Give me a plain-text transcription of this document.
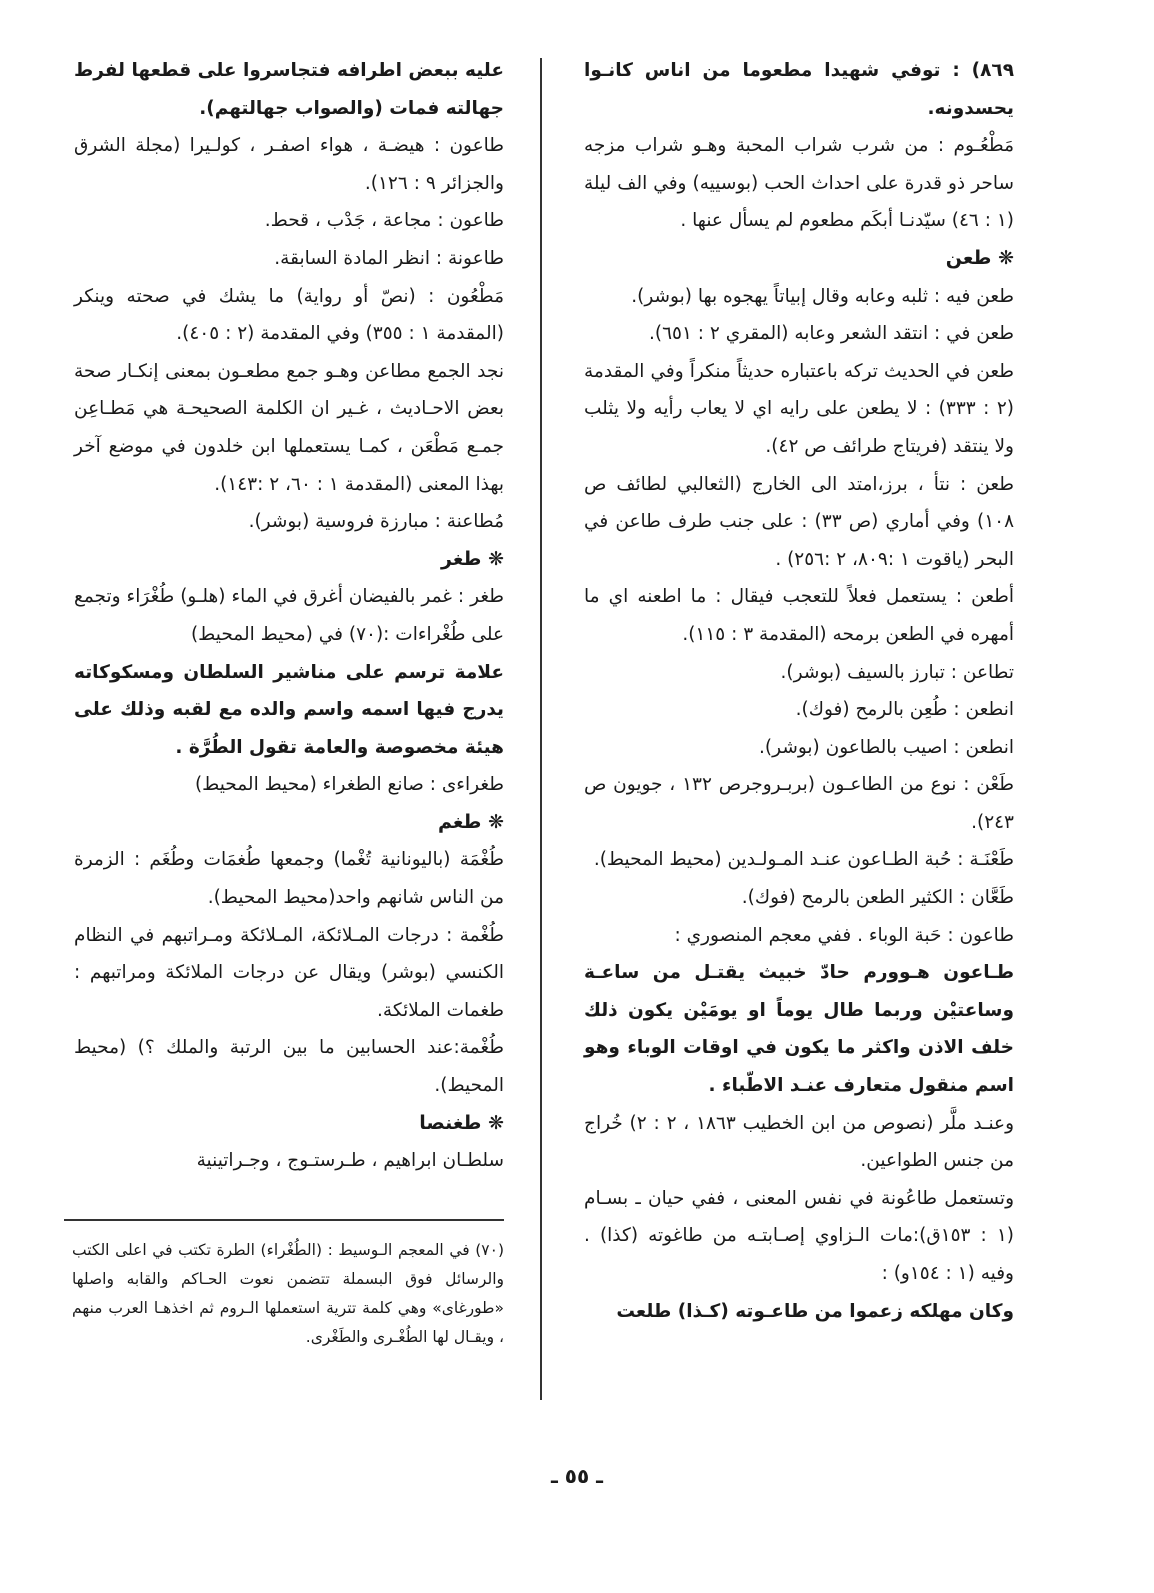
٨٦٩) : توفي شهيدا مطعوما من اناس كانـوا يحسدونه.

مَطْعُـوم : من شرب شراب المحبة وهـو شراب مزجه ساحر ذو قدرة على احداث الحب (بوسييه) وفي الف ليلة (١ : ٤٦) سيّدنـا أبكَم مطعوم لم يسأل عنها .

❋ طعن

طعن فيه : ثلبه وعابه وقال إبياتاً يهجوه بها (بوشر).

طعن في : انتقد الشعر وعابه (المقري ٢ : ٦٥١).

طعن في الحديث تركه باعتباره حديثاً منكراً وفي المقدمة (٢ : ٣٣٣) : لا يطعن على رايه اي لا يعاب رأيه ولا يثلب ولا ينتقد (فريتاج طرائف ص ٤٢).

طعن : نتأ ، برز،امتد الى الخارج (الثعالبي لطائف ص ١٠٨) وفي أماري (ص ٣٣) : على جنب طرف طاعن في البحر (ياقوت ١ :٨٠٩، ٢ :٢٥٦) .

أطعن : يستعمل فعلاً للتعجب فيقال : ما اطعنه اي ما أمهره في الطعن برمحه (المقدمة ٣ : ١١٥).

تطاعن : تبارز بالسيف (بوشر).

انطعن : طُعِن بالرمح (فوك).

انطعن : اصيب بالطاعون (بوشر).

طَعْن : نوع من الطاعـون (بربـروجرص ١٣٢ ، جويون ص ٢٤٣).

طَعْنَـة : حُبة الطـاعون عنـد المـولـدين (محيط المحيط).

طَعَّان : الكثير الطعن بالرمح (فوك).

طاعون : حَبة الوباء . ففي معجم المنصوري :

طـاعون هـوورم حادّ خبيث يقتـل من ساعـة وساعتيْن وربما طال يوماً او يومَيْن يكون ذلك خلف الاذن واكثر ما يكون في اوقات الوباء وهو اسم منقول متعارف عنـد الاطّباء .

وعنـد ملَّر (نصوص من ابن الخطيب ١٨٦٣ ، ٢ : ٢) خُراج من جنس الطواعين.

وتستعمل طاعُونة في نفس المعنى ، ففي حيان ـ بسـام (١ : ١٥٣ق):مات الـزاوي إصـابتـه من طاغوته (كذا) . وفيه (١ : ١٥٤و) :

وكان مهلكه زعموا من طاعـوته (كـذا) طلعت

عليه ببعض اطرافه فتجاسروا على قطعها لفرط جهالته فمات (والصواب جهالتهم).

طاعون : هيضـة ، هواء اصفـر ، كولـيرا (مجلة الشرق والجزائر ٩ : ١٢٦).

طاعون : مجاعة ، جَدْب ، قحط.

طاعونة : انظر المادة السابقة.

مَطْعُون : (نصّ أو رواية) ما يشك في صحته وينكر (المقدمة ١ : ٣٥٥) وفي المقدمة (٢ : ٤٠٥).

نجد الجمع مطاعن وهـو جمع مطعـون بمعنى إنكـار صحة بعض الاحـاديث ، غـير ان الكلمة الصحيحـة هي مَطـاعِن جمـع مَطْعَن ، كمـا يستعملها ابن خلدون في موضع آخر بهذا المعنى (المقدمة ١ : ٦٠، ٢ :١٤٣).

مُطاعنة : مبارزة فروسية (بوشر).

❋ طغر

طغر : غمر بالفيضان أغرق في الماء (هلـو) طُغْرَاء وتجمع على طُغْراءات :(٧٠) في (محيط المحيط)

علامة ترسم على مناشير السلطان ومسكوكاته يدرج فيها اسمه واسم والده مع لقبه وذلك على هيئة مخصوصة والعامة تقول الطُرَّة .

طغراءى : صانع الطغراء (محيط المحيط)

❋ طغم

طُغْمَة (باليونانية تُغْما) وجمعها طُغمَات وطُغَم : الزمرة من الناس شانهم واحد(محيط المحيط).

طُغْمة : درجات المـلائكة، المـلائكة ومـراتبهم في النظام الكنسي (بوشر) ويقال عن درجات الملائكة ومراتبهم : طغمات الملائكة.

طُغْمة:عند الحسابين ما بين الرتبة والملك ؟) (محيط المحيط).

❋ طغنصا

سلطـان ابراهيم ، طـرستـوج ، وجـراتينية

(٧٠) في المعجم الـوسيط : (الطُغْراء) الطرة تكتب في اعلى الكتب والرسائل فوق البسملة تتضمن نعوت الحـاكم والقابه واصلها «طورغاى» وهي كلمة تترية استعملها الـروم ثم اخذهـا العرب منهم ، ويقـال لها الطُغْـرى والطَغْرى.

ـ ٥٥ ـ
